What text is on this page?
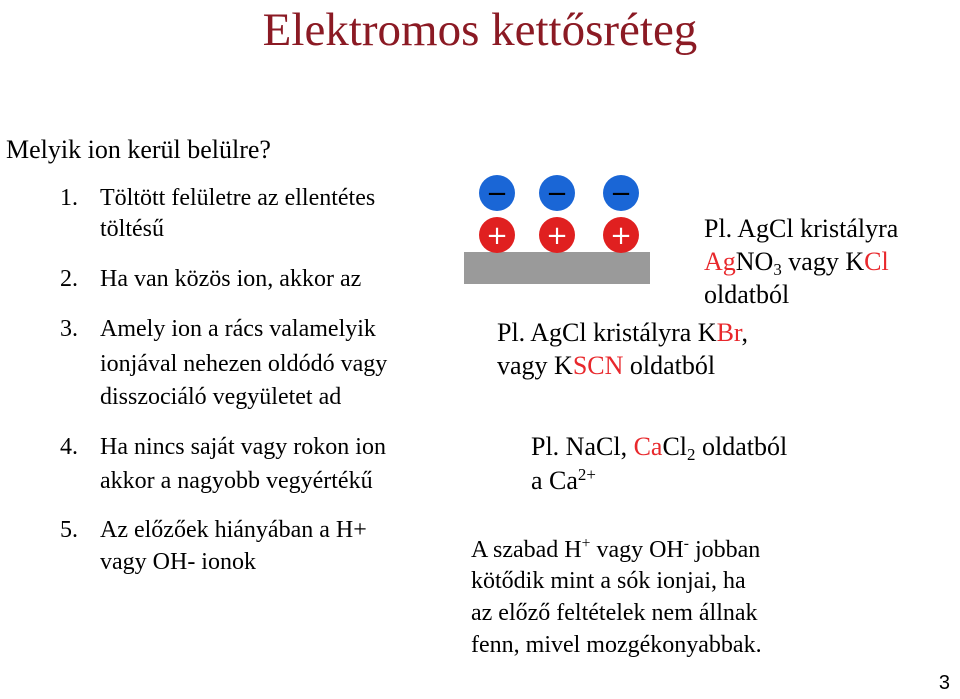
Elektromos kettősréteg
Melyik ion kerül belülre?
1. Töltött felületre az ellentétes
töltésű
2. Ha van közös ion, akkor az
3. Amely ion a rács valamelyik
ionjával nehezen oldódó vagy
disszociáló vegyületet ad
4. Ha nincs saját vagy rokon ion
akkor a nagyobb vegyértékű
5. Az előzőek hiányában a H+
vagy OH- ionok
− − −
+ + +	Pl. AgCl kristályra
AgNO$_3$ vagy KCl
oldatból
Pl. AgCl kristályra KBr,
vagy KSCN oldatból
Pl. NaCl, CaCl$_2$ oldatból
a $Ca^{2+}$
A szabad H+ vagy OH- jobban
kötődik mint a sók ionjai, ha
az előző feltételek nem állnak
fenn, mivel mozgékonyabbak.
3
